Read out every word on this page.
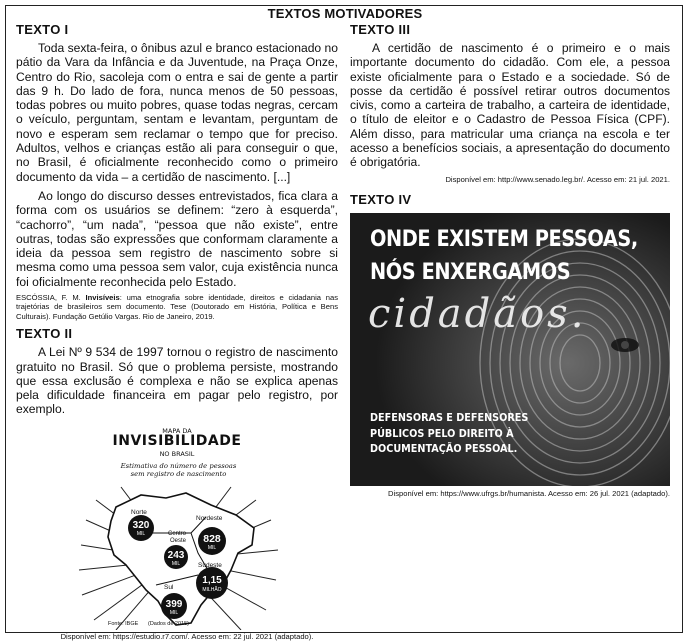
TEXTOS MOTIVADORES
TEXTO I

Toda sexta-feira, o ônibus azul e branco estacionado no pátio da Vara da Infância e da Juventude, na Praça Onze, Centro do Rio, sacoleja com o entra e sai de gente a partir das 9 h. Do lado de fora, nunca menos de 50 pessoas, todas pobres ou muito pobres, quase todas negras, cercam o veículo, perguntam, sentam e levantam, perguntam de novo e esperam sem reclamar o tempo que for preciso. Adultos, velhos e crianças estão ali para conseguir o que, no Brasil, é oficialmente reconhecido como o primeiro documento da vida – a certidão de nascimento. [...]

Ao longo do discurso desses entrevistados, fica clara a forma com os usuários se definem: “zero à esquerda”, “cachorro”, “um nada”, “pessoa que não existe”, entre outras, todas são expressões que conformam claramente a ideia da pessoa sem registro de nascimento sobre si mesma como uma pessoa sem valor, cuja existência nunca foi oficialmente reconhecida pelo Estado.

ESCÓSSIA, F. M. Invisíveis: uma etnografia sobre identidade, direitos e cidadania nas trajetórias de brasileiros sem documento. Tese (Doutorado em História, Política e Bens Culturais). Fundação Getúlio Vargas. Rio de Janeiro, 2019.
TEXTO II

A Lei Nº 9 534 de 1997 tornou o registro de nascimento gratuito no Brasil. Só que o problema persiste, mostrando que essa exclusão é complexa e não se explica apenas pela dificuldade financeira em pagar pelo registro, por exemplo.

MAPA DA
INVISIBILIDADE
NO BRASIL
Estimativa do número de pessoas sem registro de nascimento
Norte
320
MIL	Centro-Oeste
243
MIL
Nordeste
828
MIL
Sudeste
1,15
MILHÃO
Sul
399
MIL
Fonte: IBGE (Dados de 2015)
Disponível em: https://estudio.r7.com/. Acesso em: 22 jul. 2021 (adaptado).
TEXTO III

A certidão de nascimento é o primeiro e o mais importante documento do cidadão. Com ele, a pessoa existe oficialmente para o Estado e a sociedade. Só de posse da certidão é possível retirar outros documentos civis, como a carteira de trabalho, a carteira de identidade, o título de eleitor e o Cadastro de Pessoa Física (CPF). Além disso, para matricular uma criança na escola e ter acesso a benefícios sociais, a apresentação do documento é obrigatória.

Disponível em: http://www.senado.leg.br/. Acesso em: 21 jul. 2021.
TEXTO IV
ONDE EXISTEM PESSOAS,
NÓS ENXERGAMOS
cidadãos.
DEFENSORAS E DEFENSORES
PÚBLICOS PELO DIREITO À
DOCUMENTAÇÃO PESSOAL.
Disponível em: https://www.ufrgs.br/humanista. Acesso em: 26 jul. 2021 (adaptado).
